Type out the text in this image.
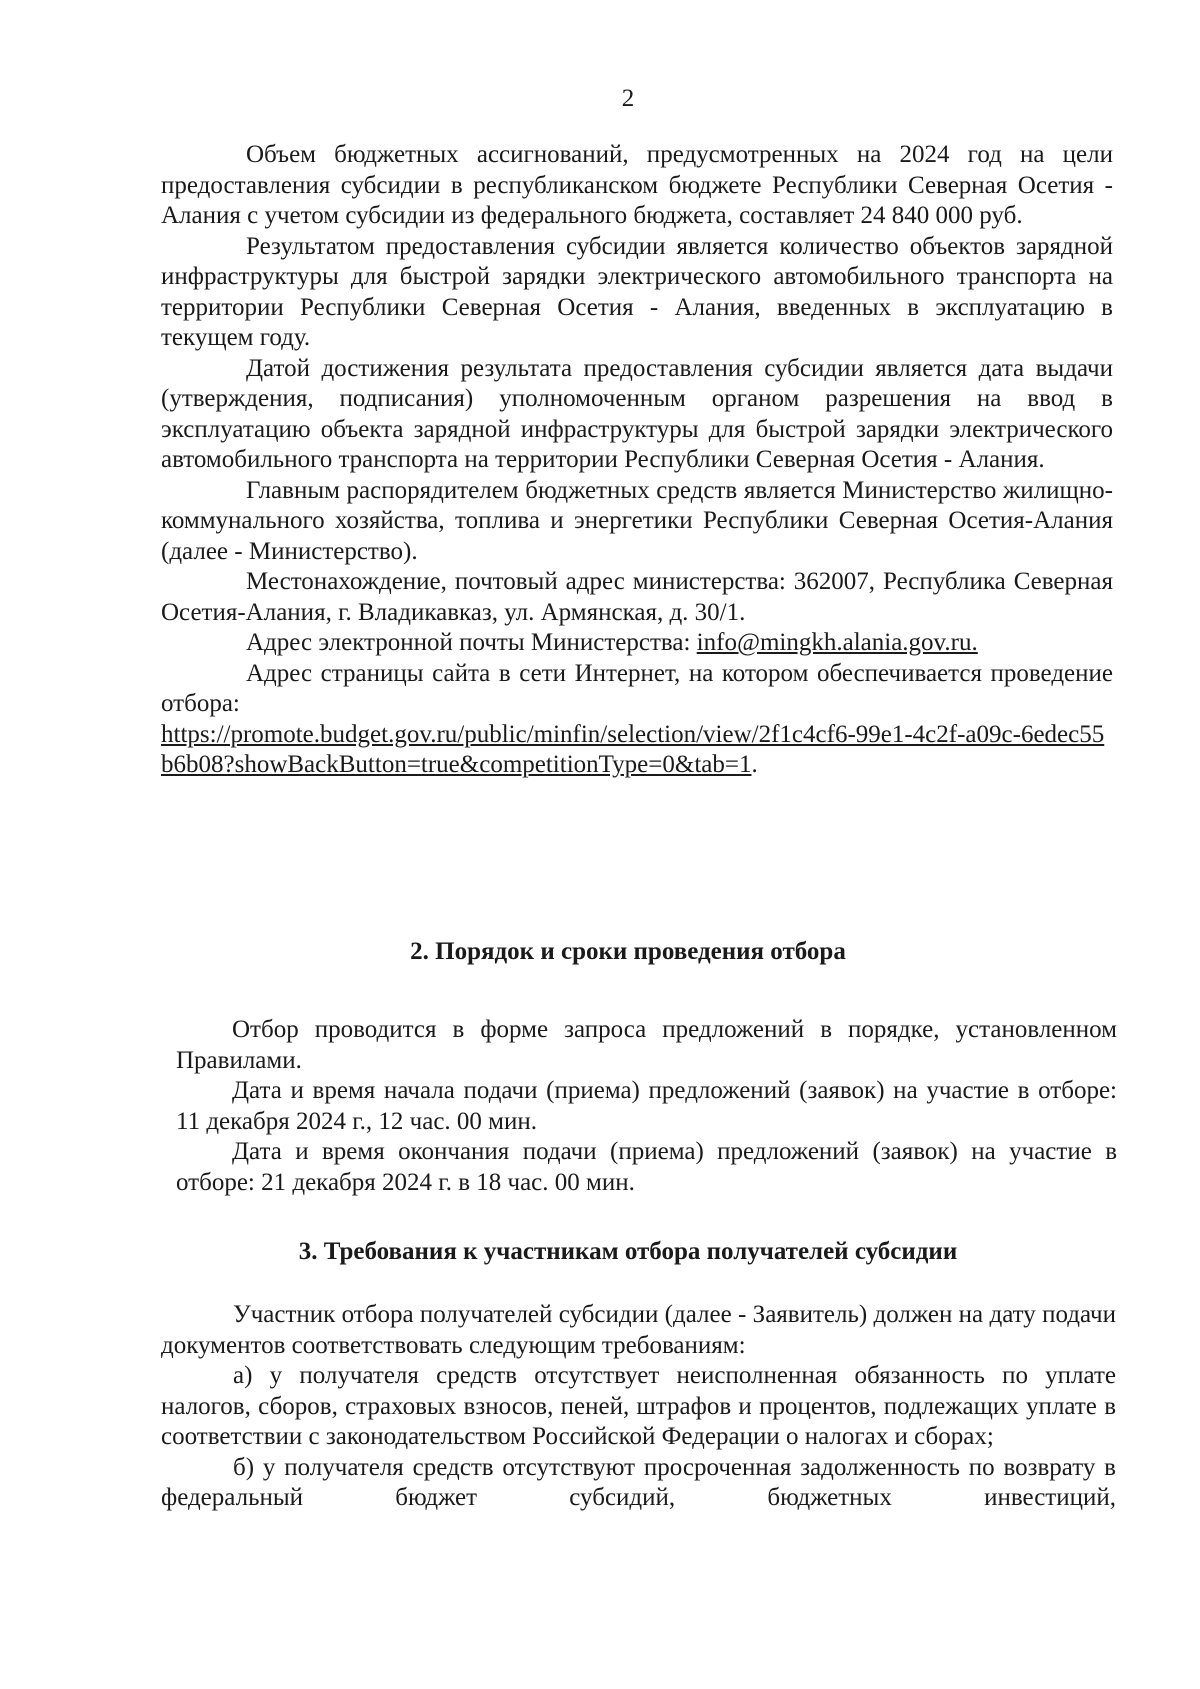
2

Объем бюджетных ассигнований, предусмотренных на 2024 год на цели предоставления субсидии в республиканском бюджете Республики Северная Осетия - Алания с учетом субсидии из федерального бюджета, составляет 24 840 000 руб.

Результатом предоставления субсидии является количество объектов зарядной инфраструктуры для быстрой зарядки электрического автомобильного транспорта на территории Республики Северная Осетия - Алания, введенных в эксплуатацию в текущем году.

Датой достижения результата предоставления субсидии является дата выдачи (утверждения, подписания) уполномоченным органом разрешения на ввод в эксплуатацию объекта зарядной инфраструктуры для быстрой зарядки электрического автомобильного транспорта на территории Республики Северная Осетия - Алания.

Главным распорядителем бюджетных средств является Министерство жилищно-коммунального хозяйства, топлива и энергетики Республики Северная Осетия-Алания (далее - Министерство).

Местонахождение, почтовый адрес министерства: 362007, Республика Северная Осетия-Алания, г. Владикавказ, ул. Армянская, д. 30/1.

Адрес электронной почты Министерства: info@mingkh.alania.gov.ru.

Адрес страницы сайта в сети Интернет, на котором обеспечивается проведение отбора:

https://promote.budget.gov.ru/public/minfin/selection/view/2f1c4cf6-99e1-4c2f-a09c-6edec55b6b08?showBackButton=true&competitionType=0&tab=1.

2. Порядок и сроки проведения отбора

Отбор проводится в форме запроса предложений в порядке, установленном Правилами.

Дата и время начала подачи (приема) предложений (заявок) на участие в отборе: 11 декабря 2024 г., 12 час. 00 мин.

Дата и время окончания подачи (приема) предложений (заявок) на участие в отборе: 21 декабря 2024 г. в 18 час. 00 мин.

3. Требования к участникам отбора получателей субсидии

Участник отбора получателей субсидии (далее - Заявитель) должен на дату подачи документов соответствовать следующим требованиям:

а) у получателя средств отсутствует неисполненная обязанность по уплате налогов, сборов, страховых взносов, пеней, штрафов и процентов, подлежащих уплате в соответствии с законодательством Российской Федерации о налогах и сборах;

б) у получателя средств отсутствуют просроченная задолженность по возврату в федеральный бюджет субсидий, бюджетных инвестиций,
